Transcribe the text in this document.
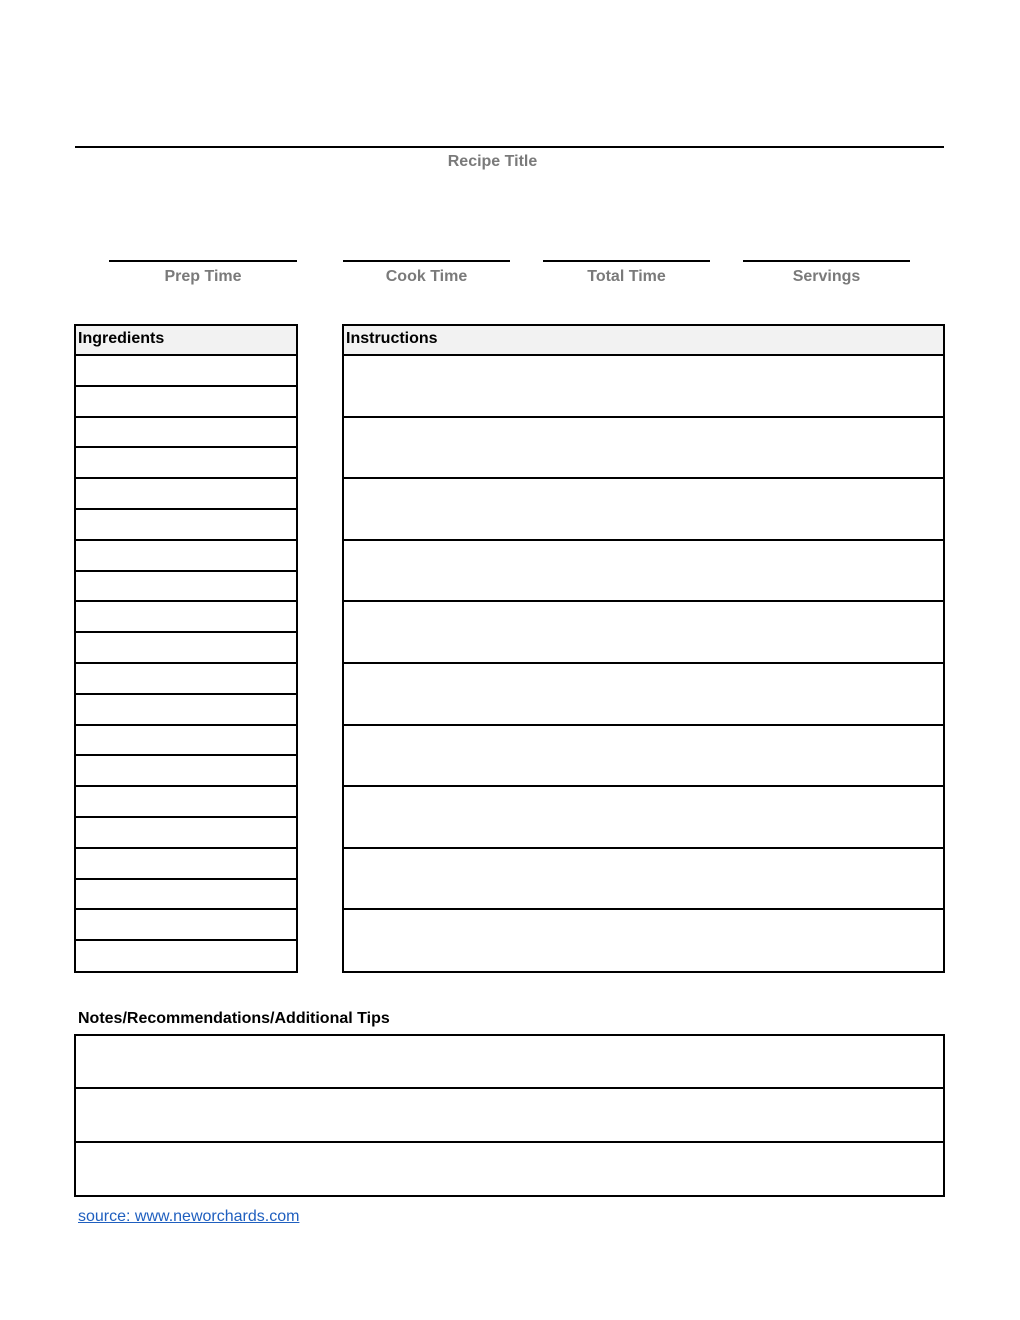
Recipe Title
Prep Time	Cook Time	Total Time	Servings
Ingredients	Instructions
Notes/Recommendations/Additional Tips
source: www.neworchards.com
